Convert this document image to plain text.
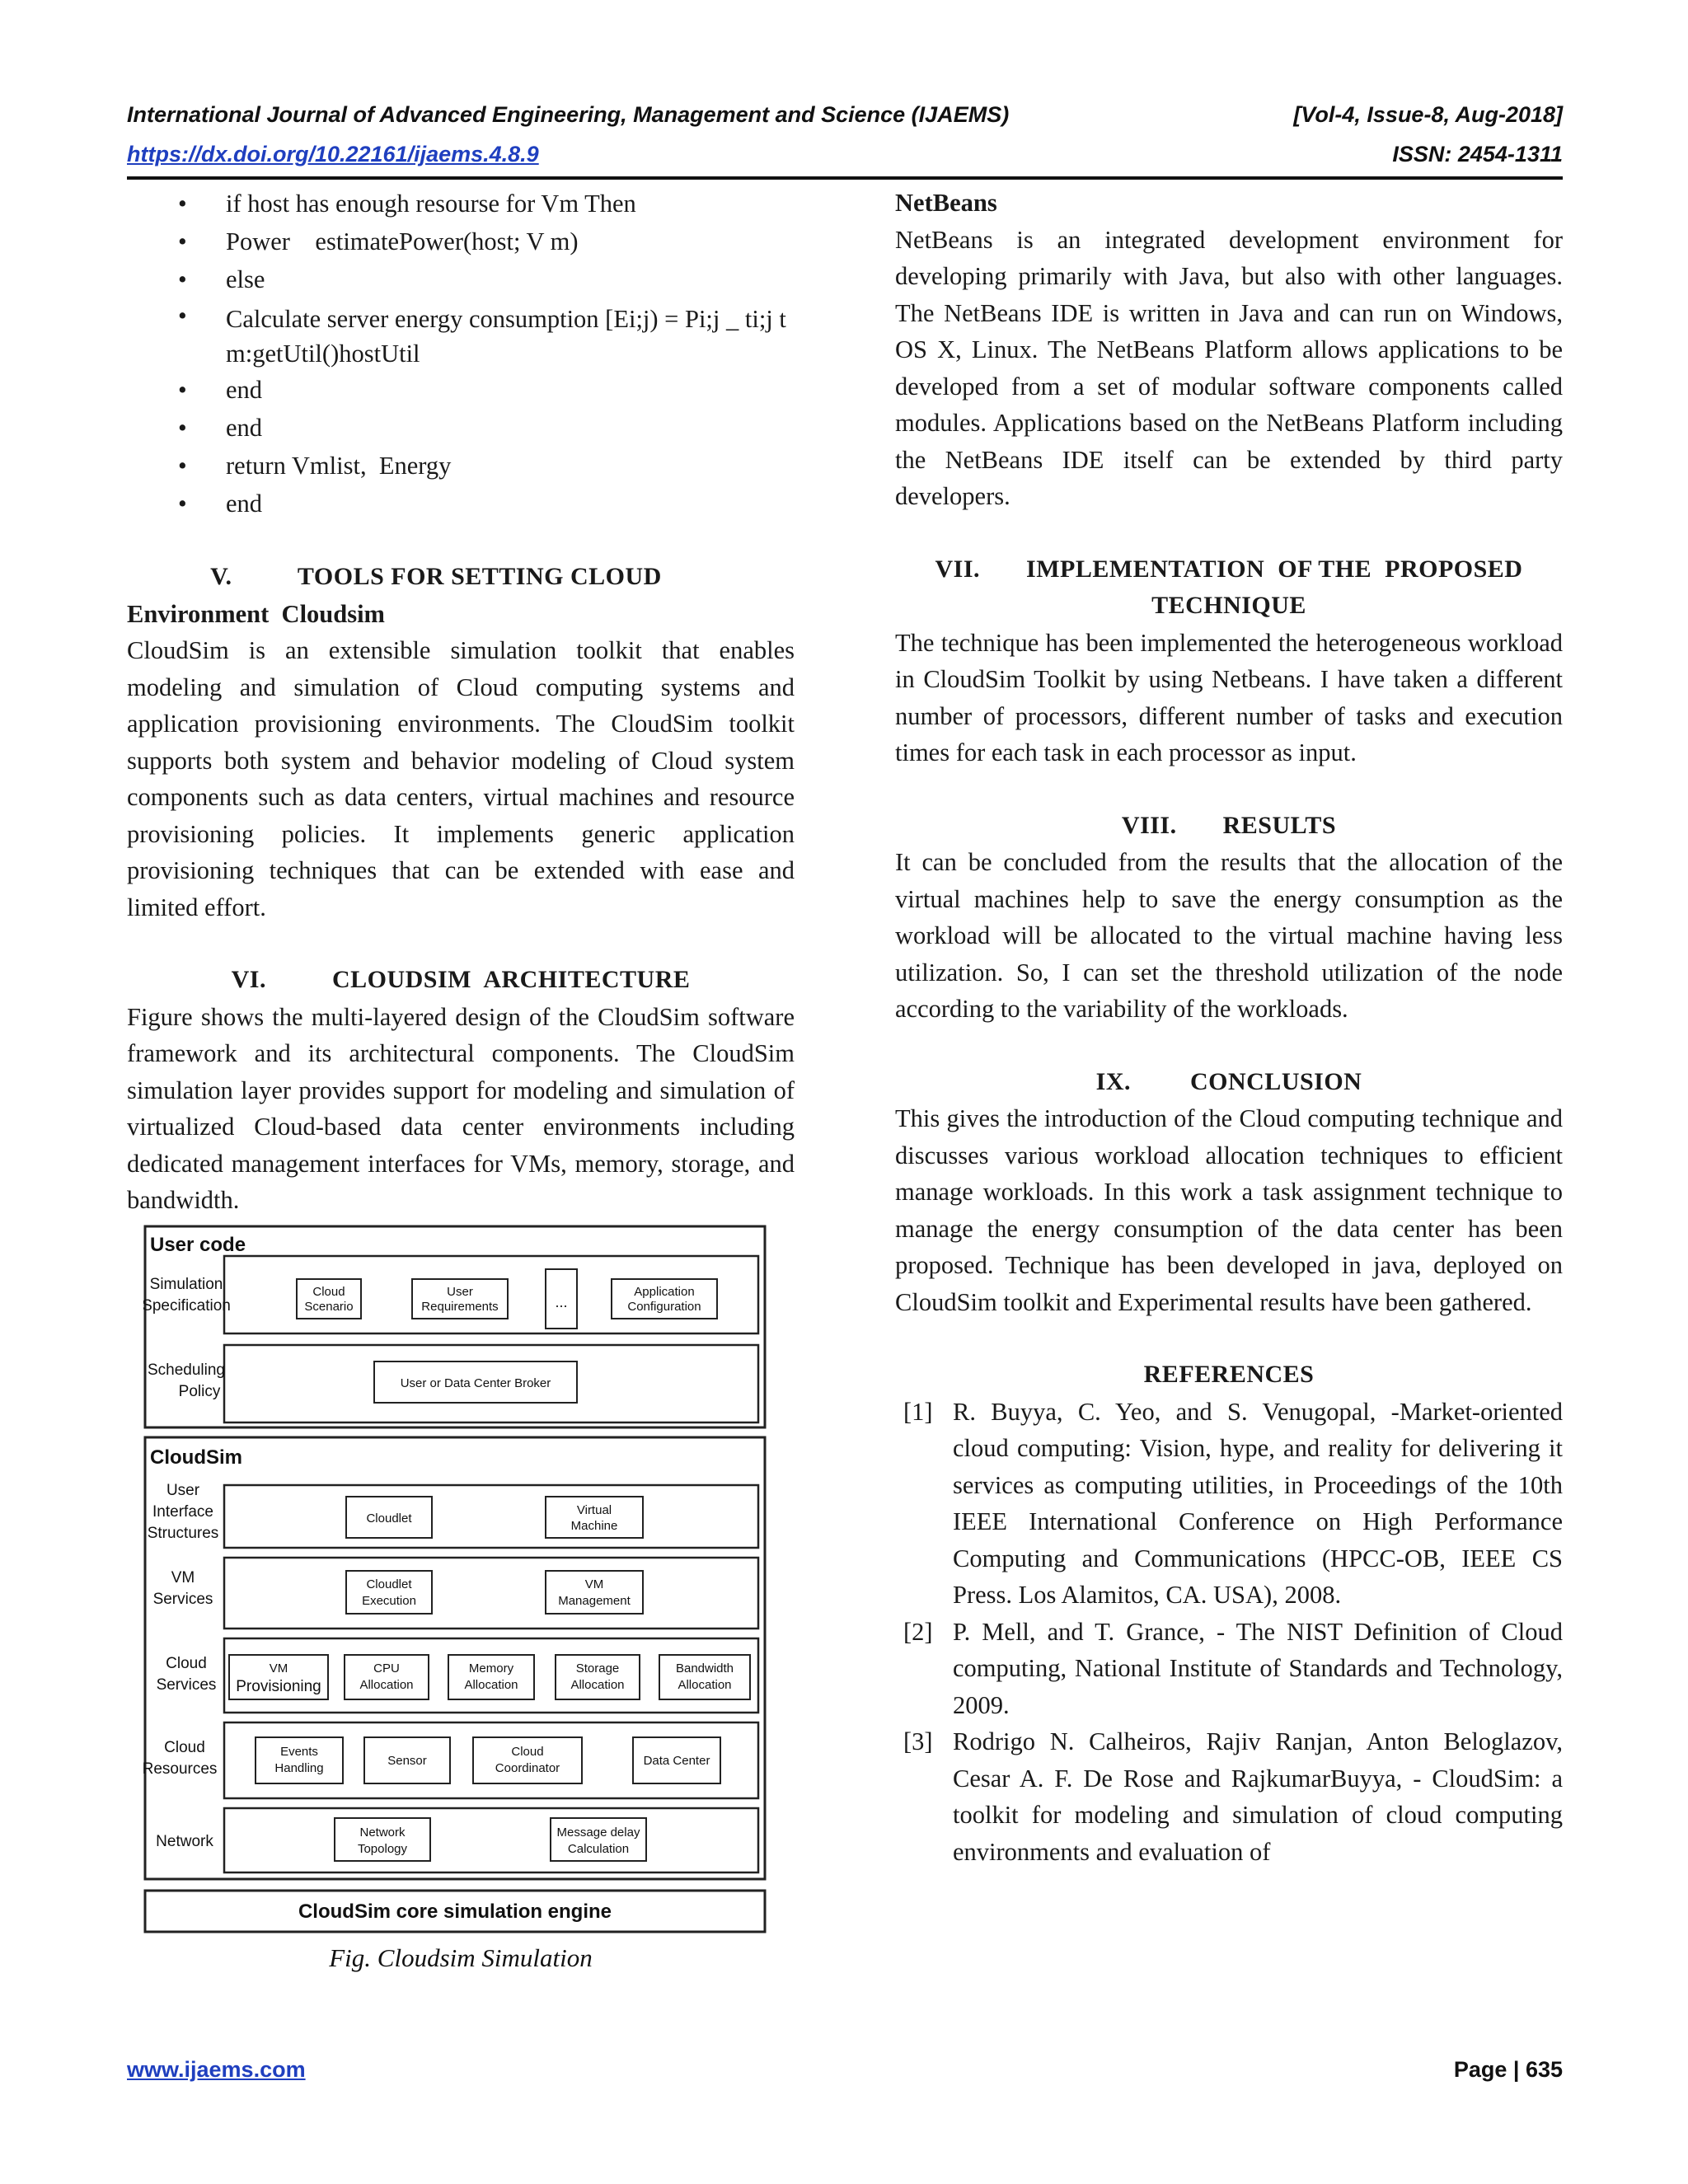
International Journal of Advanced Engineering, Management and Science (IJAEMS)	[Vol-4, Issue-8, Aug-2018]
https://dx.doi.org/10.22161/ijaems.4.8.9	ISSN: 2454-1311
• if host has enough resourse for Vm Then
• Power    estimatePower(host; V m)
• else
• Calculate server energy consumption [Ei;j) = Pi;j _ ti;j t    m:getUtil()hostUtil
• end
• end
• return Vmlist,  Energy
• end
V.          TOOLS FOR SETTING CLOUD
Environment  Cloudsim
CloudSim is an extensible simulation toolkit that enables modeling and simulation of Cloud computing systems and application provisioning environments. The CloudSim toolkit supports both system and behavior modeling of Cloud system components such as data centers, virtual machines and resource provisioning policies. It implements generic application provisioning techniques that can be extended with ease and limited effort.
VI.          CLOUDSIM  ARCHITECTURE
Figure shows the multi-layered design of the CloudSim software framework and its architectural components. The CloudSim simulation layer provides support for modeling and simulation of virtualized Cloud-based data center environments including dedicated management interfaces for VMs, memory, storage, and bandwidth.
User code
Simulation
Specification
Cloud
Scenario
User
Requirements	...
Application
Configuration
Scheduling
Policy	User or Data Center Broker
CloudSim
User
Interface
Structures
Cloudlet
Virtual
Machine
VM
Services
Cloudlet
Execution
VM
Management
Cloud
Services
VM
Provisioning
CPU
Allocation
Memory
Allocation
Storage
Allocation
Bandwidth
Allocation
Cloud
Resources
Events
Handling
Sensor
Cloud
Coordinator
Data Center
Network
Network
Topology
Message delay
Calculation
CloudSim core simulation engine
Fig. Cloudsim Simulation
NetBeans
NetBeans is an integrated development environment for developing primarily with Java, but also with other languages. The NetBeans IDE is written in Java and can run on Windows, OS X, Linux. The NetBeans Platform allows applications to be developed from a set of modular software components called modules. Applications based on the NetBeans Platform including the NetBeans IDE itself can be extended by third party developers.
VII.       IMPLEMENTATION  OF THE  PROPOSED
TECHNIQUE
The technique has been implemented the heterogeneous workload in CloudSim Toolkit by using Netbeans. I have taken a different number of processors, different number of tasks and execution times for each task in each processor as input.
VIII.       RESULTS
It can be concluded from the results that the allocation of the virtual machines help to save the energy consumption as the workload will be allocated to the virtual machine having less utilization. So, I can set the threshold utilization of the node according to the variability of the workloads.
IX.         CONCLUSION
This gives the introduction of the Cloud computing technique and discusses various workload allocation techniques to efficient manage workloads. In this work a task assignment technique to manage the energy consumption of the data center has been proposed. Technique has been developed in java, deployed on CloudSim toolkit and Experimental results have been gathered.
REFERENCES
[1] R. Buyya, C. Yeo, and S. Venugopal, -Market-oriented cloud computing: Vision, hype, and reality for delivering it services as computing utilities, in Proceedings of the 10th IEEE International Conference on High Performance Computing and Communications (HPCC-OB, IEEE CS Press. Los Alamitos, CA. USA), 2008.
[2] P. Mell, and T. Grance, - The NIST Definition of Cloud computing, National Institute of Standards and Technology, 2009.
[3] Rodrigo N. Calheiros, Rajiv Ranjan, Anton Beloglazov, Cesar A. F. De Rose and RajkumarBuyya, - CloudSim: a toolkit for modeling and simulation of cloud computing environments and evaluation of
www.ijaems.com	Page | 635
